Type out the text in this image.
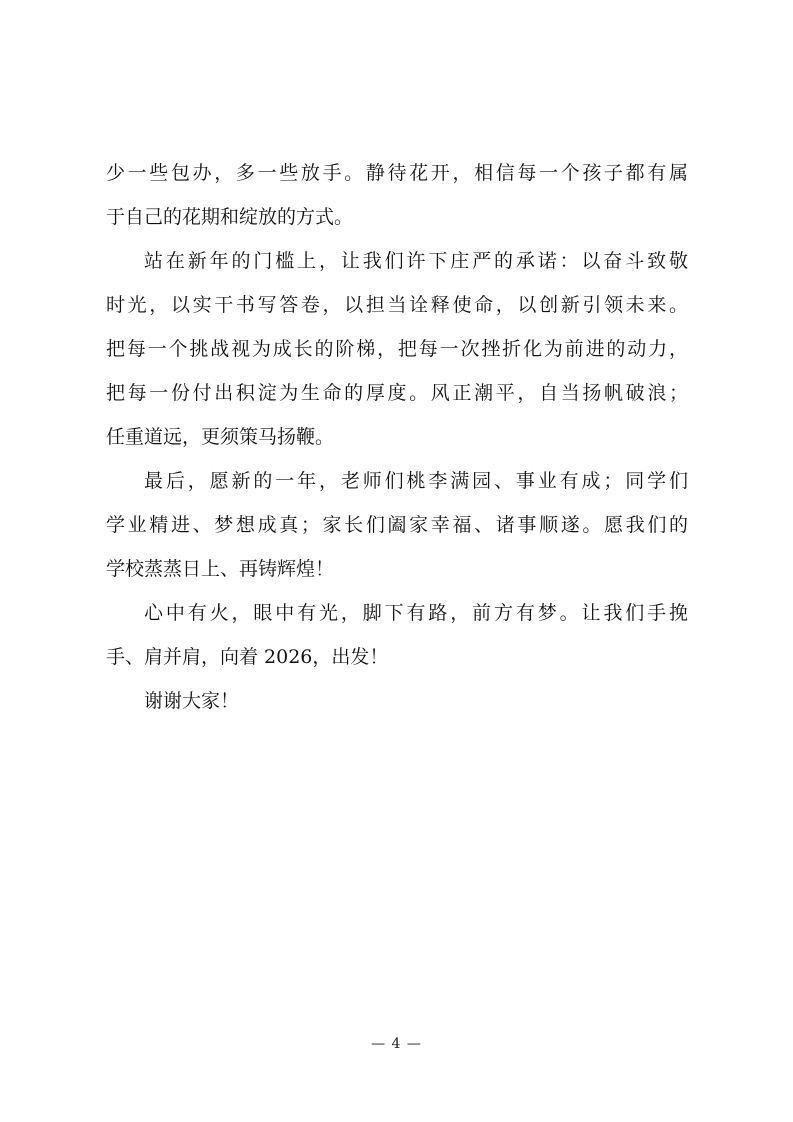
少一些包办，多一些放手。静待花开，相信每一个孩子都有属
于自己的花期和绽放的方式。
站在新年的门槛上，让我们许下庄严的承诺：以奋斗致敬
时光，以实干书写答卷，以担当诠释使命，以创新引领未来。
把每一个挑战视为成长的阶梯，把每一次挫折化为前进的动力，
把每一份付出积淀为生命的厚度。风正潮平，自当扬帆破浪；
任重道远，更须策马扬鞭。
最后，愿新的一年，老师们桃李满园、事业有成；同学们
学业精进、梦想成真；家长们阖家幸福、诸事顺遂。愿我们的
学校蒸蒸日上、再铸辉煌！
心中有火，眼中有光，脚下有路，前方有梦。让我们手挽
手、肩并肩，向着 2026，出发！
谢谢大家！
— 4 —
